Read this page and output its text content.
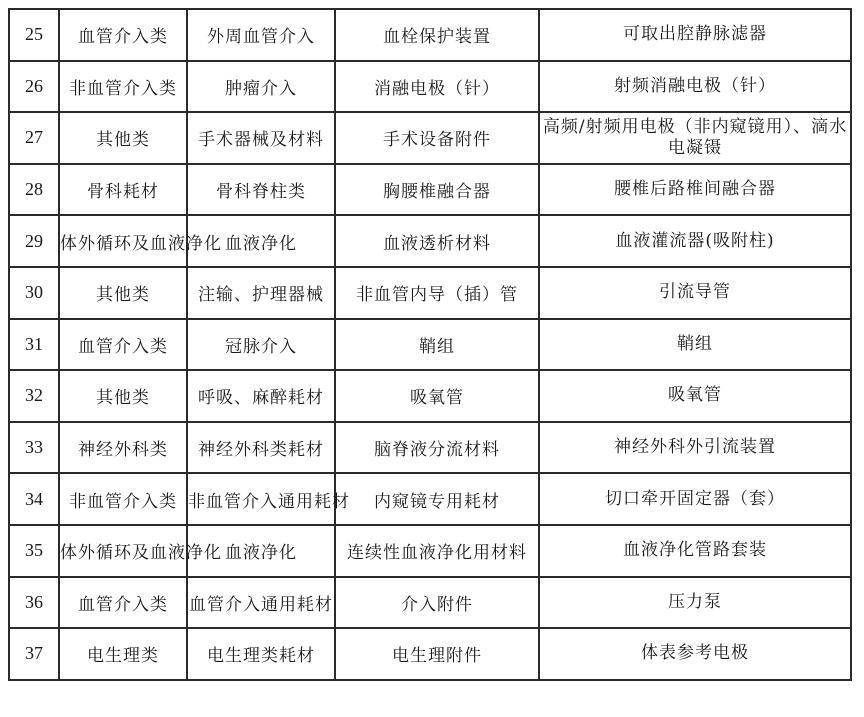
25	血管介入类	外周血管介入	血栓保护装置	可取出腔静脉滤器
26	非血管介入类	肿瘤介入	消融电极（针）	射频消融电极（针）
27	其他类	手术器械及材料	手术设备附件	高频/射频用电极（非内窥镜用）、滴水电凝镊
28	骨科耗材	骨科脊柱类	胸腰椎融合器	腰椎后路椎间融合器
29	体外循环及血液净化	血液净化	血液透析材料	血液灌流器(吸附柱)
30	其他类	注输、护理器械	非血管内导（插）管	引流导管
31	血管介入类	冠脉介入	鞘组	鞘组
32	其他类	呼吸、麻醉耗材	吸氧管	吸氧管
33	神经外科类	神经外科类耗材	脑脊液分流材料	神经外科外引流装置
34	非血管介入类	非血管介入通用耗材	内窥镜专用耗材	切口牵开固定器（套）
35	体外循环及血液净化	血液净化	连续性血液净化用材料	血液净化管路套装
36	血管介入类	血管介入通用耗材	介入附件	压力泵
37	电生理类	电生理类耗材	电生理附件	体表参考电极
